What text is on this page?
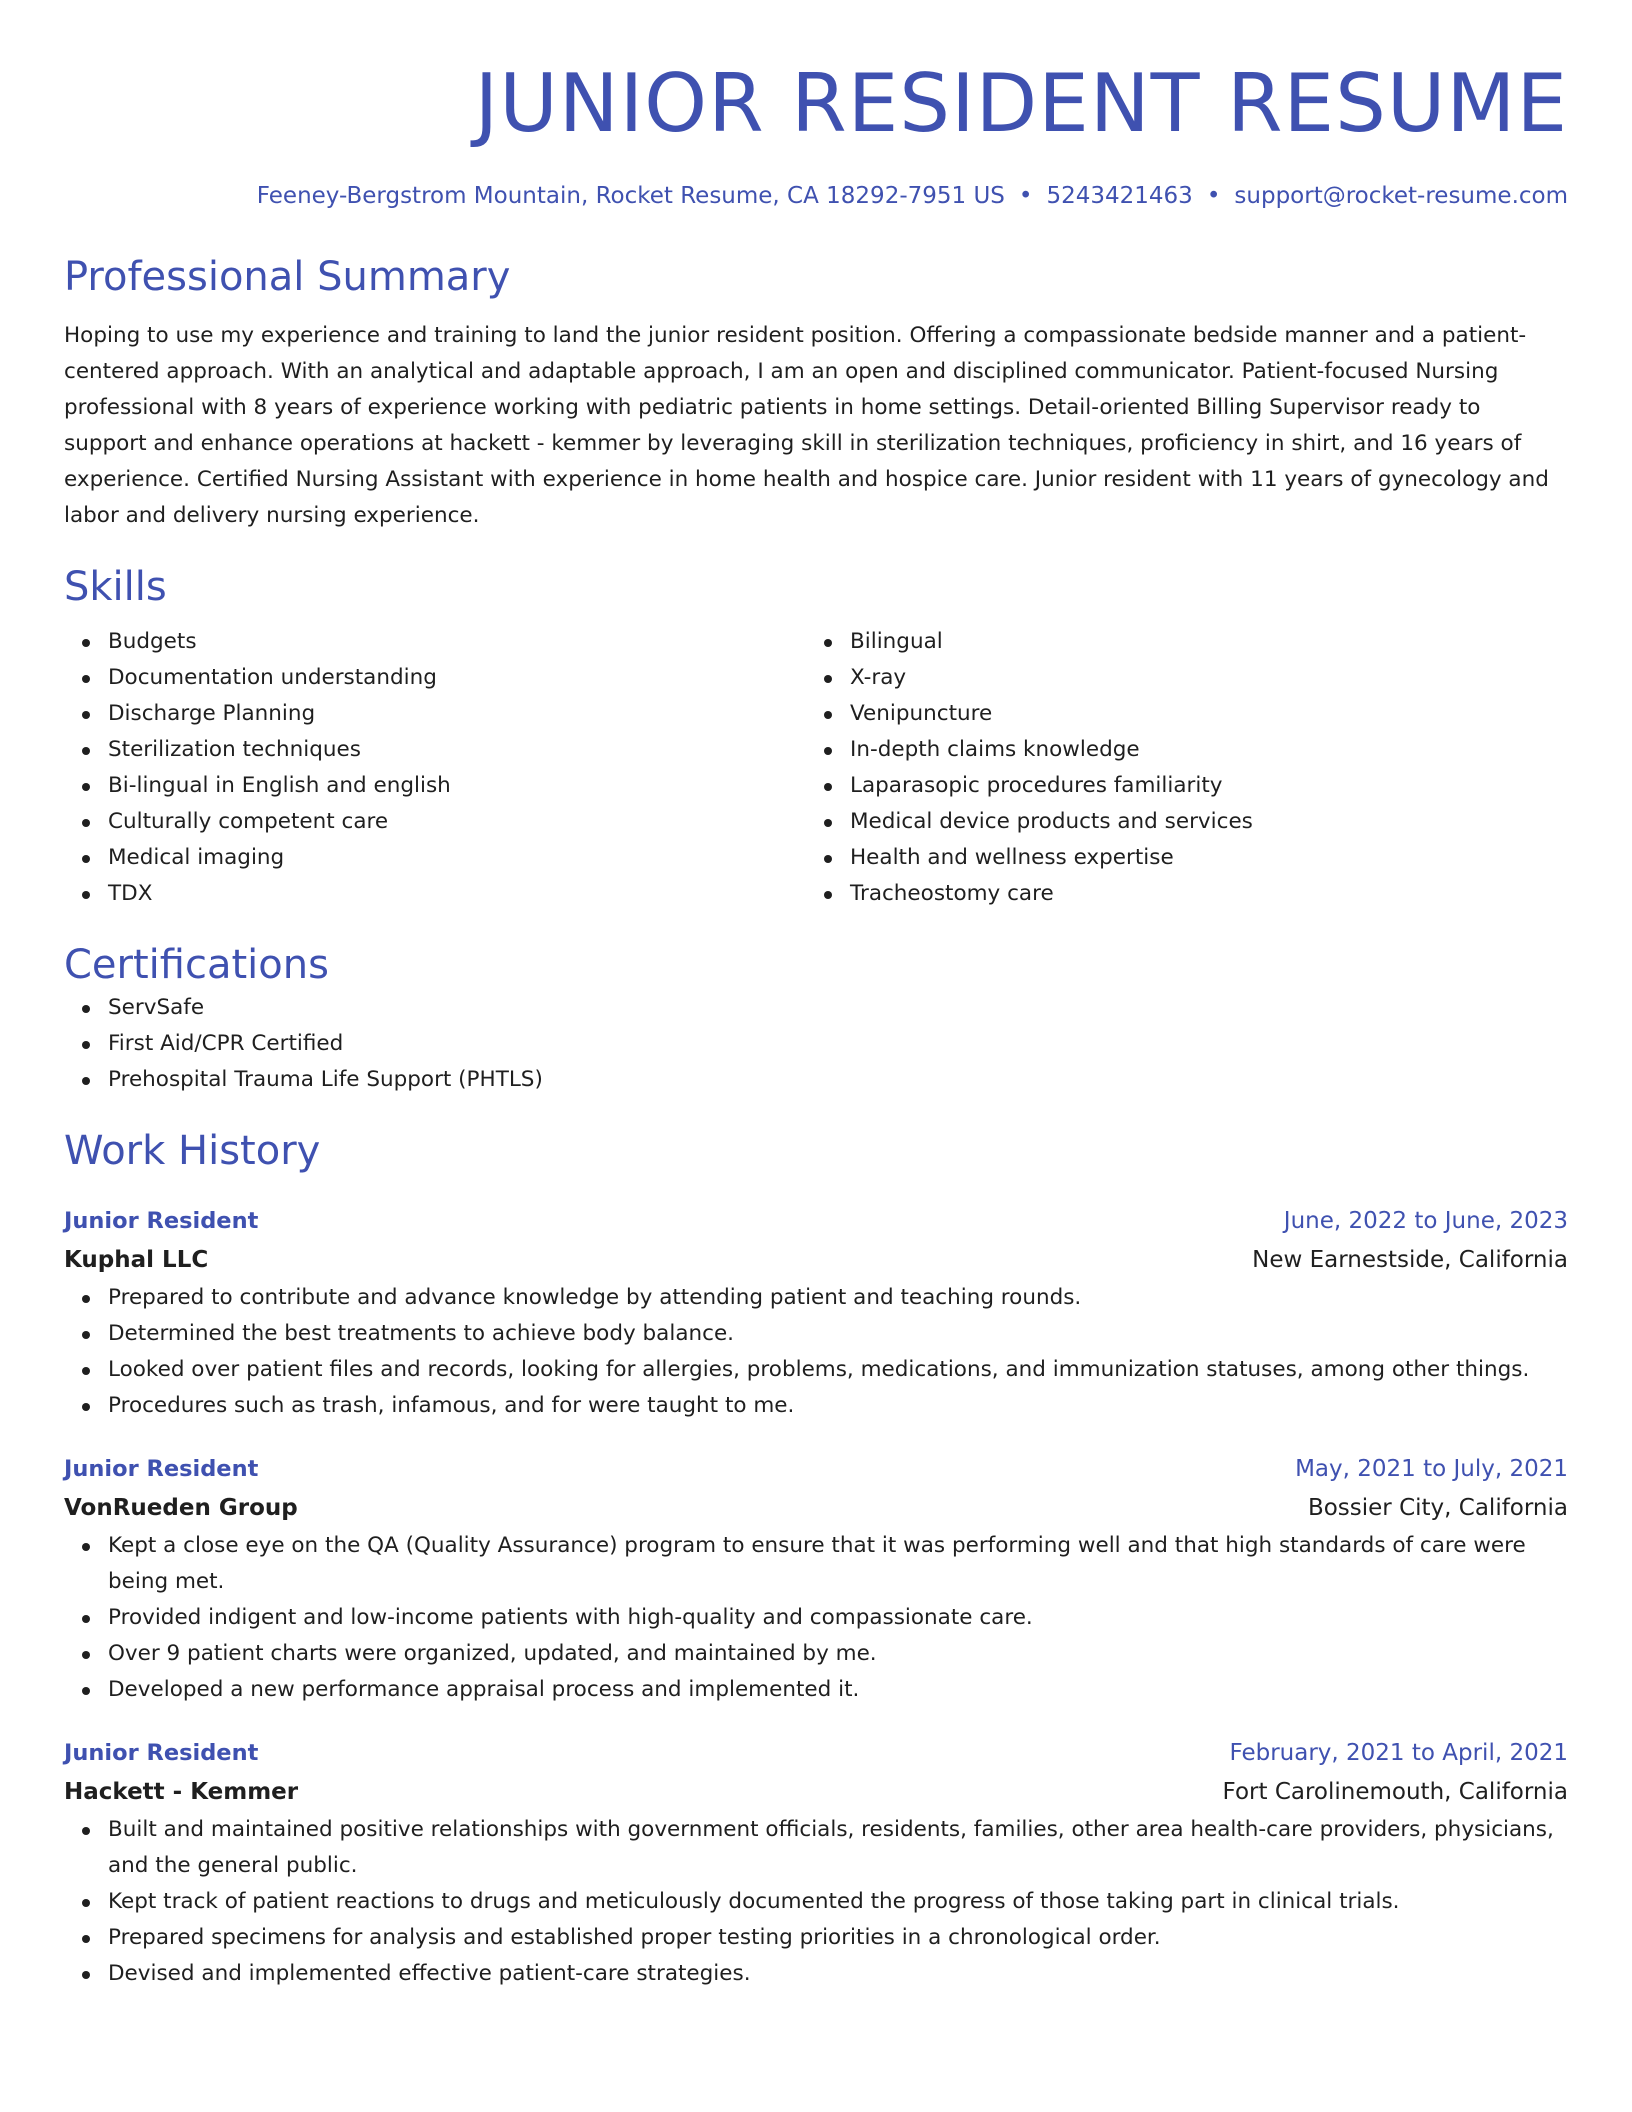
JUNIOR RESIDENT RESUME
Feeney-Bergstrom Mountain, Rocket Resume, CA 18292-7951 US • 5243421463 • support@rocket-resume.com
Professional Summary
Hoping to use my experience and training to land the junior resident position. Offering a compassionate bedside manner and a patient-centered approach. With an analytical and adaptable approach, I am an open and disciplined communicator. Patient-focused Nursing professional with 8 years of experience working with pediatric patients in home settings. Detail-oriented Billing Supervisor ready to support and enhance operations at hackett - kemmer by leveraging skill in sterilization techniques, proficiency in shirt, and 16 years of experience. Certified Nursing Assistant with experience in home health and hospice care. Junior resident with 11 years of gynecology and labor and delivery nursing experience.
Skills
Budgets
Documentation understanding
Discharge Planning
Sterilization techniques
Bi-lingual in English and english
Culturally competent care
Medical imaging
TDX
Bilingual
X-ray
Venipuncture
In-depth claims knowledge
Laparasopic procedures familiarity
Medical device products and services
Health and wellness expertise
Tracheostomy care
Certifications
ServSafe
First Aid/CPR Certified
Prehospital Trauma Life Support (PHTLS)
Work History
Junior Resident	June, 2022 to June, 2023
Kuphal LLC	New Earnestside, California
Prepared to contribute and advance knowledge by attending patient and teaching rounds.
Determined the best treatments to achieve body balance.
Looked over patient files and records, looking for allergies, problems, medications, and immunization statuses, among other things.
Procedures such as trash, infamous, and for were taught to me.
Junior Resident	May, 2021 to July, 2021
VonRueden Group	Bossier City, California
Kept a close eye on the QA (Quality Assurance) program to ensure that it was performing well and that high standards of care were being met.
Provided indigent and low-income patients with high-quality and compassionate care.
Over 9 patient charts were organized, updated, and maintained by me.
Developed a new performance appraisal process and implemented it.
Junior Resident	February, 2021 to April, 2021
Hackett - Kemmer	Fort Carolinemouth, California
Built and maintained positive relationships with government officials, residents, families, other area health-care providers, physicians, and the general public.
Kept track of patient reactions to drugs and meticulously documented the progress of those taking part in clinical trials.
Prepared specimens for analysis and established proper testing priorities in a chronological order.
Devised and implemented effective patient-care strategies.
